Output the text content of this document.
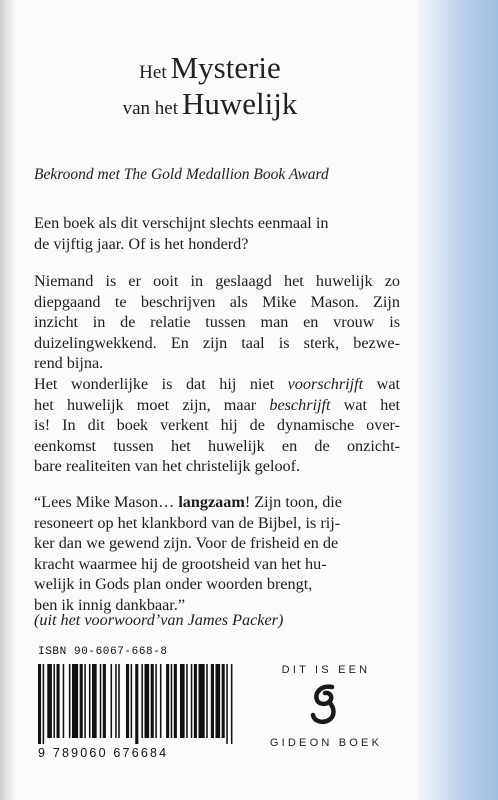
Het Mysterie
van het Huwelijk
Bekroond met The Gold Medallion Book Award

Een boek als dit verschijnt slechts eenmaal in
de vijftig jaar. Of is het honderd?

Niemand is er ooit in geslaagd het huwelijk zo
diepgaand te beschrijven als Mike Mason. Zijn
inzicht in de relatie tussen man en vrouw is
duizelingwekkend. En zijn taal is sterk, bezwe-
rend bijna.
Het wonderlijke is dat hij niet voorschrijft wat
het huwelijk moet zijn, maar beschrijft wat het
is! In dit boek verkent hij de dynamische over-
eenkomst tussen het huwelijk en de onzicht-
bare realiteiten van het christelijk geloof.

“Lees Mike Mason… langzaam! Zijn toon, die
resoneert op het klankbord van de Bijbel, is rij-
ker dan we gewend zijn. Voor de frisheid en de
kracht waarmee hij de grootsheid van het hu-
welijk in Gods plan onder woorden brengt,
ben ik innig dankbaar.”

(uit het voorwoord’van James Packer)

ISBN 90-6067-668-8
9 789060 676684
DIT IS EEN
GIDEON BOEK
